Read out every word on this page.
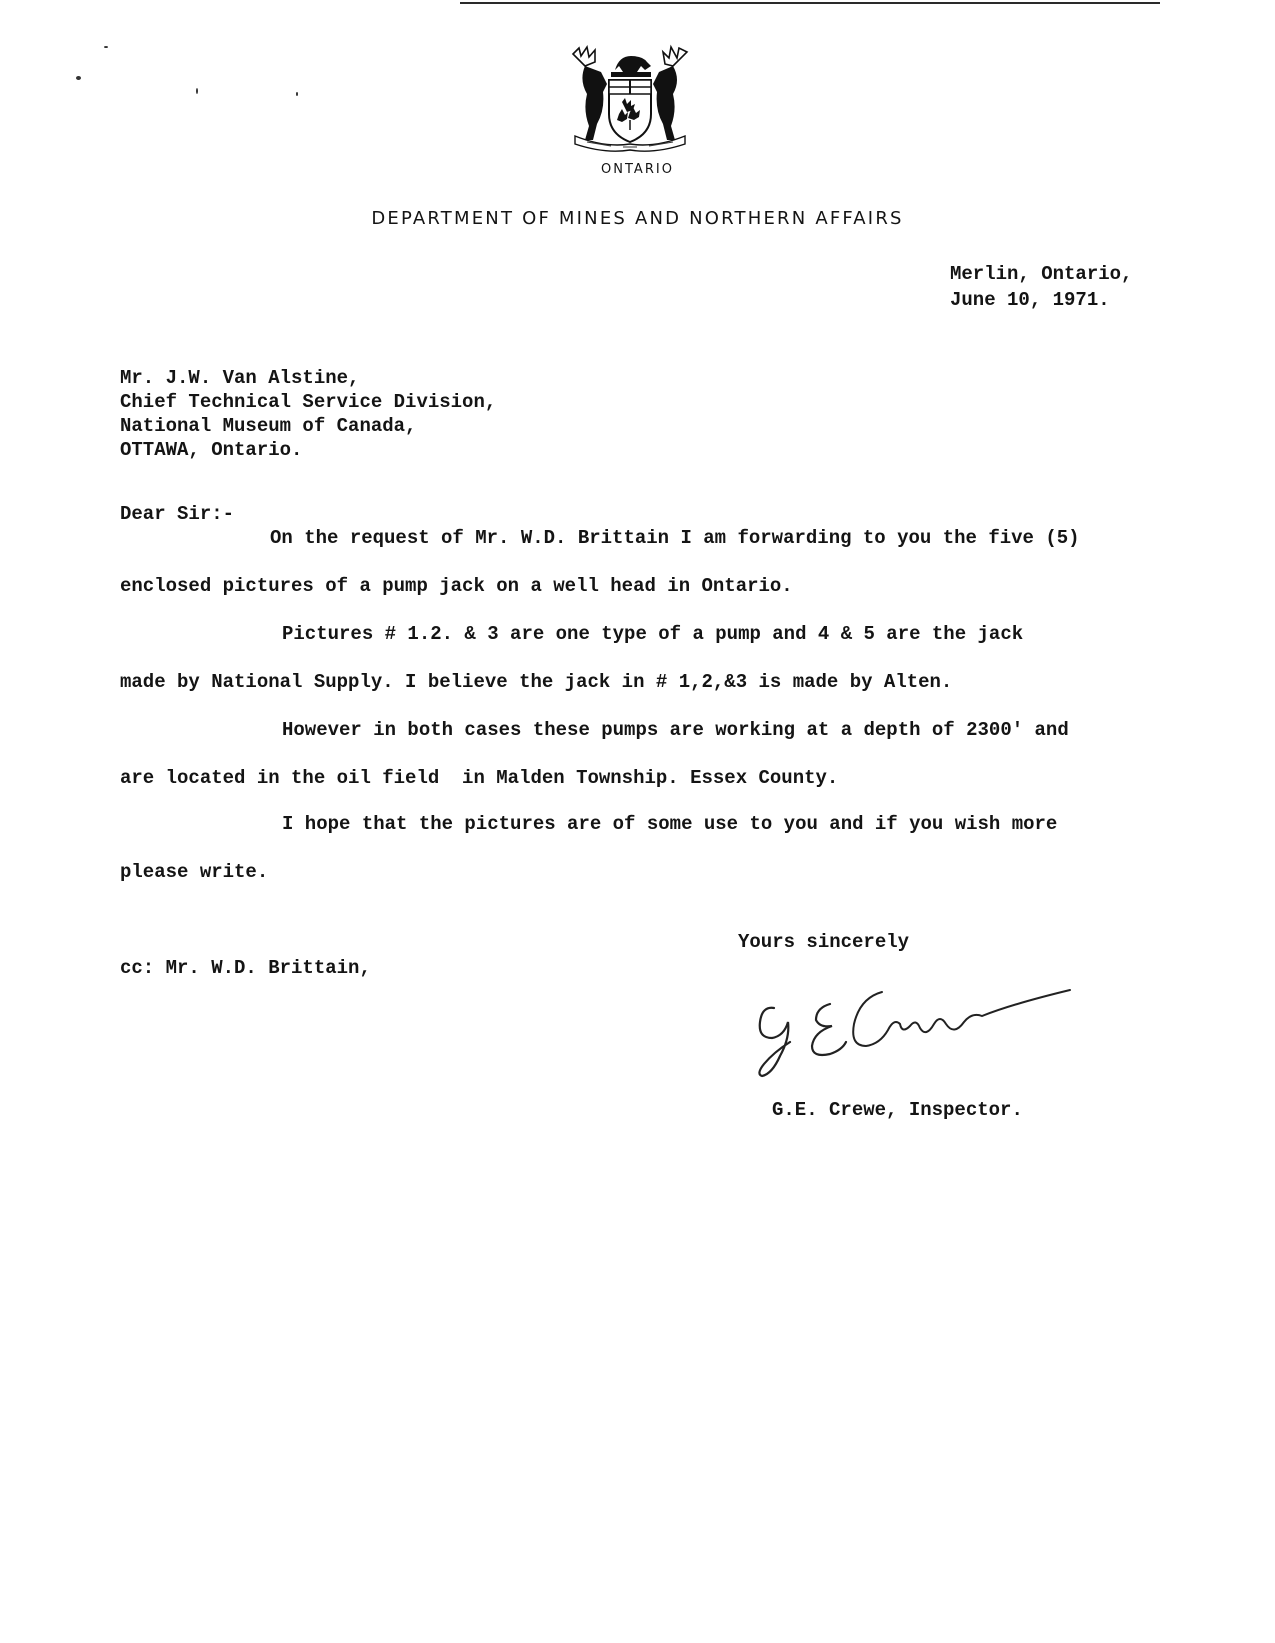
ONTARIO
DEPARTMENT OF MINES AND NORTHERN AFFAIRS
Merlin, Ontario,
June 10, 1971.
Mr. J.W. Van Alstine,
Chief Technical Service Division,
National Museum of Canada,
OTTAWA, Ontario.
Dear Sir:-
On the request of Mr. W.D. Brittain I am forwarding to you the five (5)
enclosed pictures of a pump jack on a well head in Ontario.
Pictures # 1.2. & 3 are one type of a pump and 4 & 5 are the jack
made by National Supply. I believe the jack in # 1,2,&3 is made by Alten.
However in both cases these pumps are working at a depth of 2300' and
are located in the oil field  in Malden Township. Essex County.
I hope that the pictures are of some use to you and if you wish more
please write.
Yours sincerely
cc: Mr. W.D. Brittain,
G.E. Crewe, Inspector.
